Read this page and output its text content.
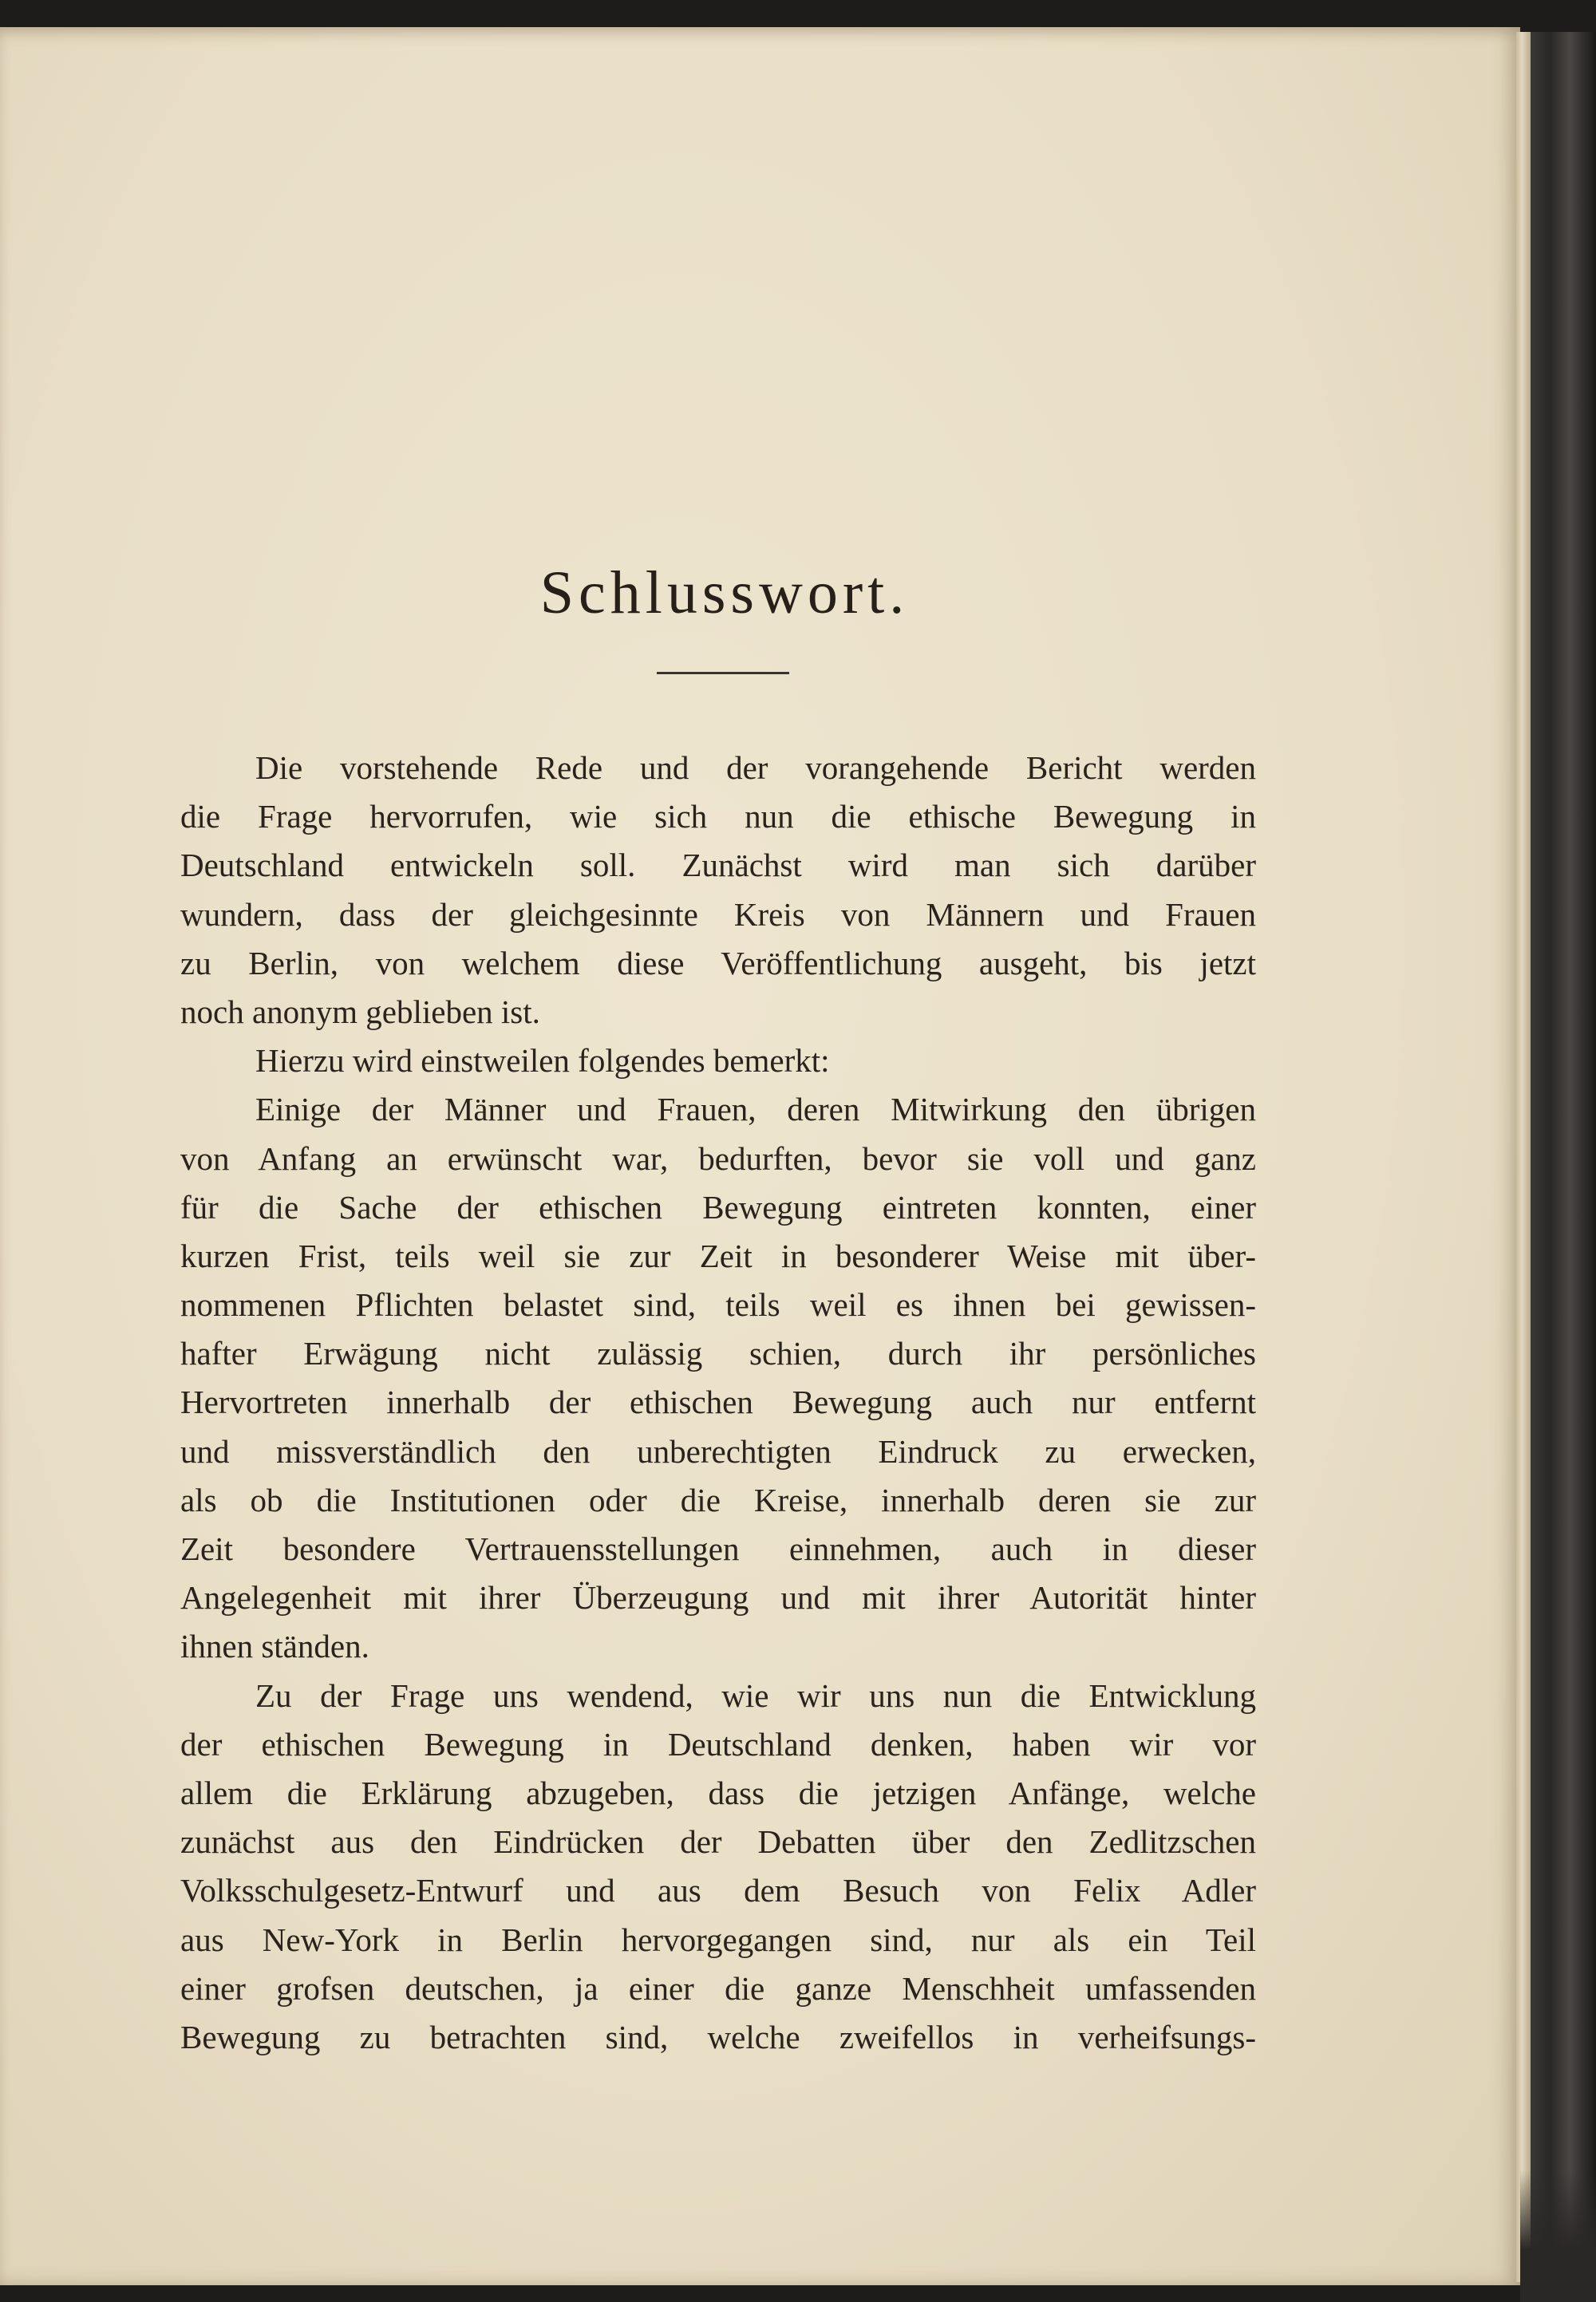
Schlusswort.
Die vorstehende Rede und der vorangehende Bericht werden
die Frage hervorrufen, wie sich nun die ethische Bewegung in
Deutschland entwickeln soll. Zunächst wird man sich darüber
wundern, dass der gleichgesinnte Kreis von Männern und Frauen
zu Berlin, von welchem diese Veröffentlichung ausgeht, bis jetzt
noch anonym geblieben ist.
Hierzu wird einstweilen folgendes bemerkt:
Einige der Männer und Frauen, deren Mitwirkung den übrigen
von Anfang an erwünscht war, bedurften, bevor sie voll und ganz
für die Sache der ethischen Bewegung eintreten konnten, einer
kurzen Frist, teils weil sie zur Zeit in besonderer Weise mit über-
nommenen Pflichten belastet sind, teils weil es ihnen bei gewissen-
hafter Erwägung nicht zulässig schien, durch ihr persönliches
Hervortreten innerhalb der ethischen Bewegung auch nur entfernt
und missverständlich den unberechtigten Eindruck zu erwecken,
als ob die Institutionen oder die Kreise, innerhalb deren sie zur
Zeit besondere Vertrauensstellungen einnehmen, auch in dieser
Angelegenheit mit ihrer Überzeugung und mit ihrer Autorität hinter
ihnen ständen.
Zu der Frage uns wendend, wie wir uns nun die Entwicklung
der ethischen Bewegung in Deutschland denken, haben wir vor
allem die Erklärung abzugeben, dass die jetzigen Anfänge, welche
zunächst aus den Eindrücken der Debatten über den Zedlitzschen
Volksschulgesetz-Entwurf und aus dem Besuch von Felix Adler
aus New-York in Berlin hervorgegangen sind, nur als ein Teil
einer grofsen deutschen, ja einer die ganze Menschheit umfassenden
Bewegung zu betrachten sind, welche zweifellos in verheifsungs-
